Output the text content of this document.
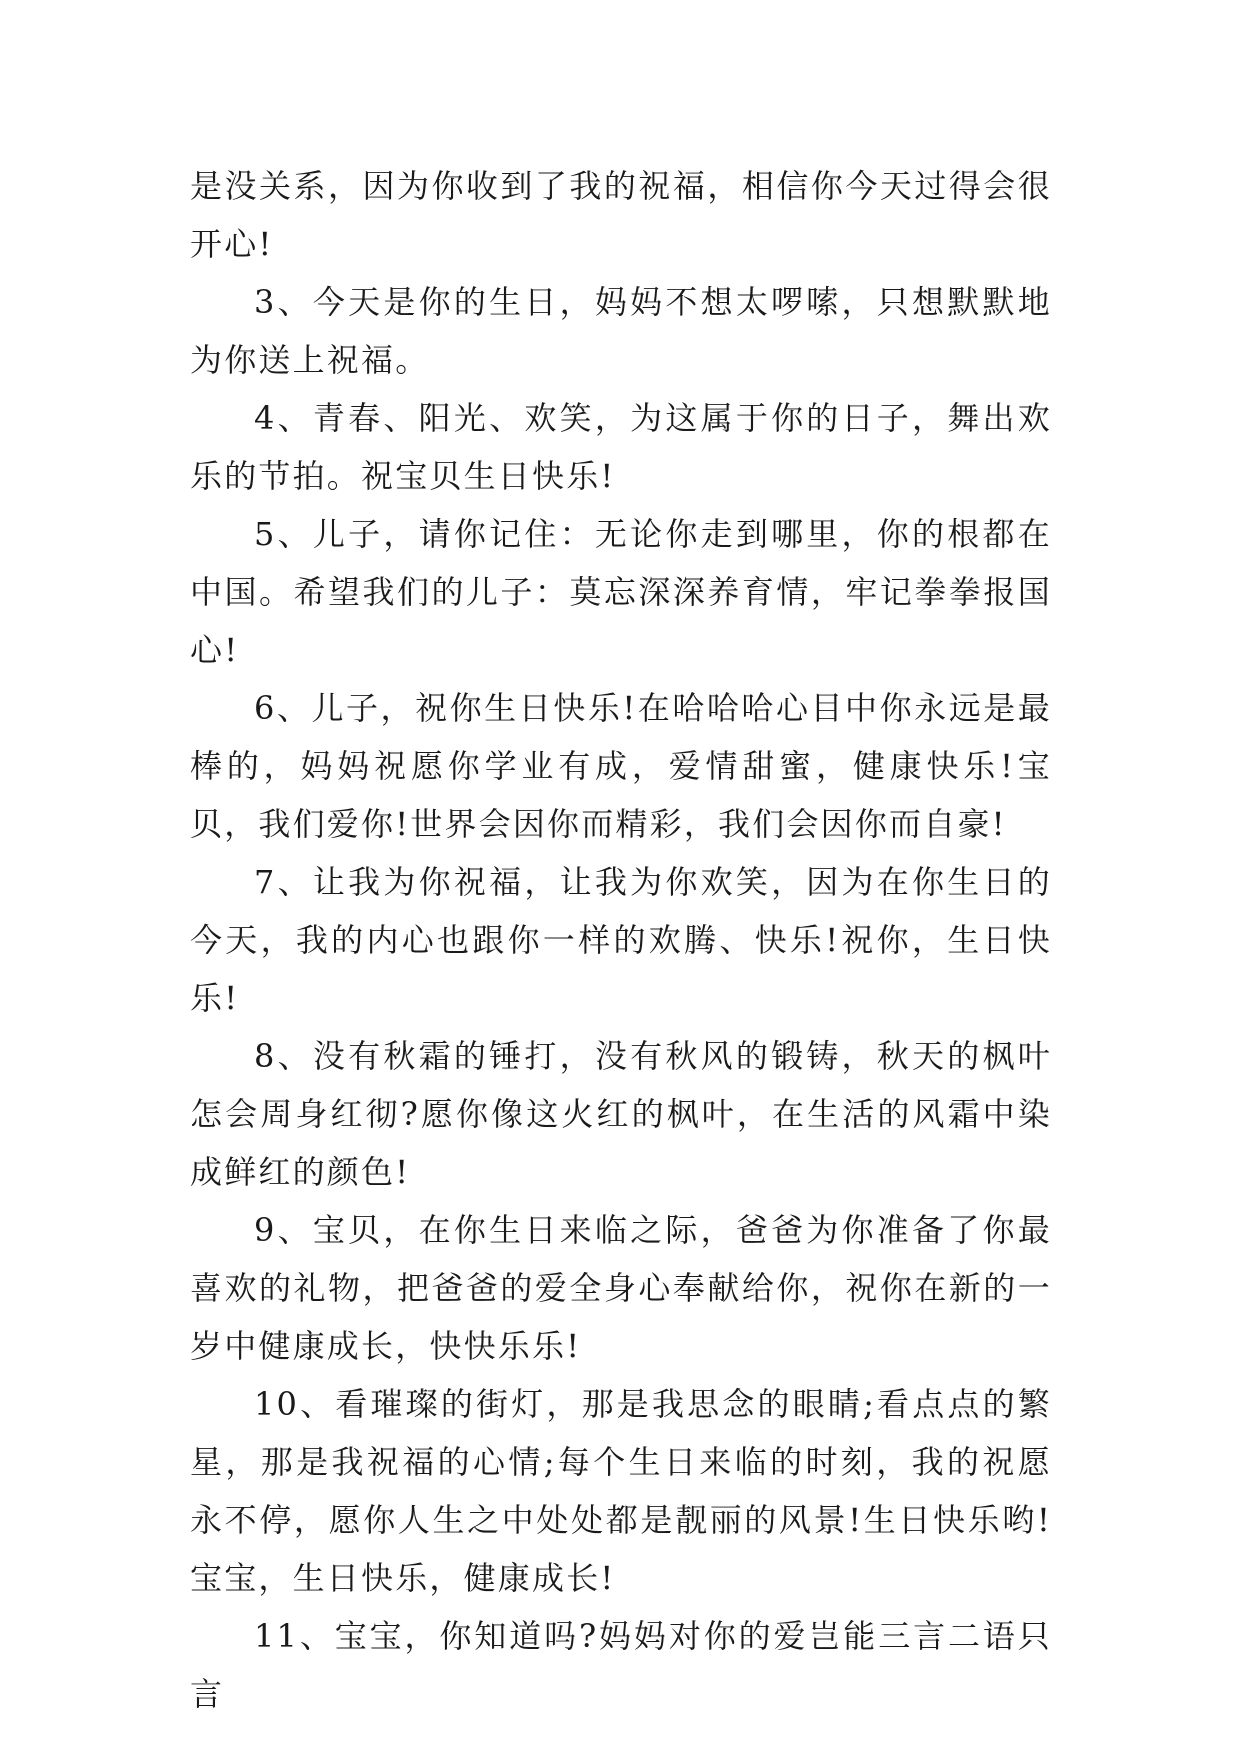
是没关系，因为你收到了我的祝福，相信你今天过得会很开心!

3、今天是你的生日，妈妈不想太啰嗦，只想默默地为你送上祝福。

4、青春、阳光、欢笑，为这属于你的日子，舞出欢乐的节拍。祝宝贝生日快乐!

5、儿子，请你记住：无论你走到哪里，你的根都在中国。希望我们的儿子：莫忘深深养育情，牢记拳拳报国心!

6、儿子，祝你生日快乐!在哈哈哈心目中你永远是最棒的，妈妈祝愿你学业有成，爱情甜蜜，健康快乐!宝贝，我们爱你!世界会因你而精彩，我们会因你而自豪!

7、让我为你祝福，让我为你欢笑，因为在你生日的今天，我的内心也跟你一样的欢腾、快乐!祝你，生日快乐!

8、没有秋霜的锤打，没有秋风的锻铸，秋天的枫叶怎会周身红彻?愿你像这火红的枫叶，在生活的风霜中染成鲜红的颜色!

9、宝贝，在你生日来临之际，爸爸为你准备了你最喜欢的礼物，把爸爸的爱全身心奉献给你，祝你在新的一岁中健康成长，快快乐乐!

10、看璀璨的街灯，那是我思念的眼睛;看点点的繁星，那是我祝福的心情;每个生日来临的时刻，我的祝愿永不停，愿你人生之中处处都是靓丽的风景!生日快乐哟!宝宝，生日快乐，健康成长!

11、宝宝，你知道吗?妈妈对你的爱岂能三言二语只言
